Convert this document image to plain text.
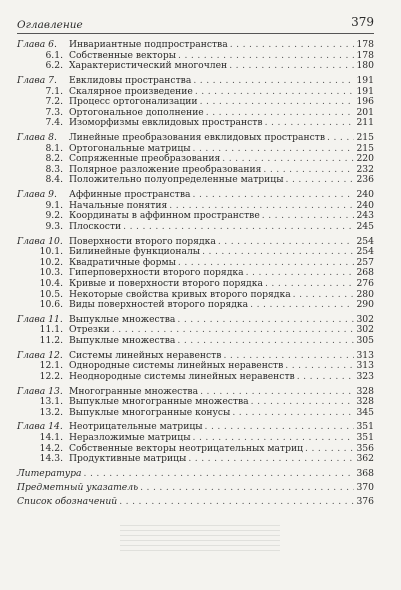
Оглавление	379
Глава 6.	Инвариантные подпространства . . .	178
6.1. Собственные векторы . . .	178
6.2. Характеристический многочлен . . .	180
Глава 7.	Евклидовы пространства . . .	191
7.1. Скалярное произведение . . .	191
7.2. Процесс ортогонализации . . .	196
7.3. Ортогональное дополнение . . .	201
7.4. Изоморфизмы евклидовых пространств . . .	211
Глава 8.	Линейные преобразования евклидовых пространств . . .	215
8.1. Ортогональные матрицы . . .	215
8.2. Сопряженные преобразования . . .	220
8.3. Полярное разложение преобразования . . .	232
8.4. Положительно полуопределенные матрицы . . .	236
Глава 9.	Аффинные пространства . . .	240
9.1. Начальные понятия . . .	240
9.2. Координаты в аффинном пространстве . . .	243
9.3. Плоскости . . .	245
Глава 10. Поверхности второго порядка . . .	254
10.1. Билинейные функционалы . . .	254
10.2. Квадратичные формы . . .	257
10.3. Гиперповерхности второго порядка . . .	268
10.4. Кривые и поверхности второго порядка . . .	276
10.5. Некоторые свойства кривых второго порядка . . .	280
10.6. Виды поверхностей второго порядка . . .	290
Глава 11. Выпуклые множества . . .	302
11.1. Отрезки . . .	302
11.2. Выпуклые множества . . .	305
Глава 12. Системы линейных неравенств . . .	313
12.1. Однородные системы линейных неравенств . . .	313
12.2. Неоднородные системы линейных неравенств . . .	323
Глава 13. Многогранные множества . . .	328
13.1. Выпуклые многогранные множества . . .	328
13.2. Выпуклые многогранные конусы . . .	345
Глава 14. Неотрицательные матрицы . . .	351
14.1. Неразложимые матрицы . . .	351
14.2. Собственные векторы неотрицательных матриц . . .	356
14.3. Продуктивные матрицы . . .	362
Литература . . .	368
Предметный указатель . . .	370
Список обозначений . . .	376
